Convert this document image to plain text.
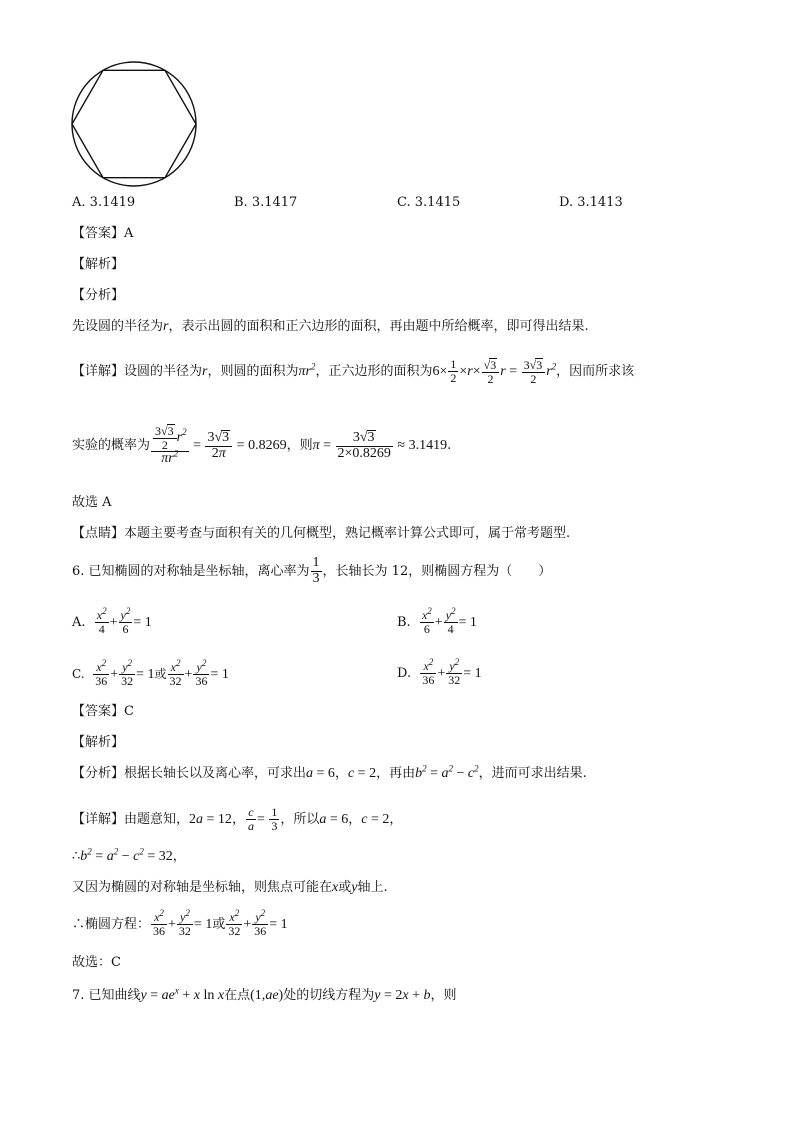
A. 3.1419	B. 3.1417	C. 3.1415	D. 3.1413
【答案】A
【解析】
【分析】
先设圆的半径为r，表示出圆的面积和正六边形的面积，再由题中所给概率，即可得出结果.
【详解】设圆的半径为r，则圆的面积为$\pi r^2$，正六边形的面积为$6\times \frac{1}{2} \times r\times \frac{√3}{2}$ $r = \frac{3√3}{2} r^2$，因而所求该
实验的概率为 $\frac{\frac{3√3}{2} r^2}{\pi r^2} = \frac{3√3}{2\pi} = 0.8269$，则$\pi = \frac{3√3}{2\times 0.8269} \approx 3.1419$.
故选 A
【点睛】本题主要考查与面积有关的几何概型，熟记概率计算公式即可，属于常考题型.
6. 已知椭圆的对称轴是坐标轴，离心率为 $\frac{1}{3}$ ，长轴长为 12，则椭圆方程为（　　）
A. $\frac{x^2}{4} + \frac{y^2}{6} = 1$	B. $\frac{x^2}{6} + \frac{y^2}{4} = 1$
C. $\frac{x^2}{36} + \frac{y^2}{32} = 1$或 $\frac{x^2}{32} + \frac{y^2}{36} = 1$	D. $\frac{x^2}{36} + \frac{y^2}{32} = 1$
【答案】C
【解析】
【分析】根据长轴长以及离心率，可求出a = 6，c = 2，再由$b^2 = a^2 - c^2$，进而可求出结果.
【详解】由题意知，2a = 12， $\frac{c}{a} = \frac{1}{3}$ ，所以a = 6，c = 2，
$\therefore b^2 = a^2 - c^2 = 32$，
又因为椭圆的对称轴是坐标轴，则焦点可能在x或y轴上.
∴椭圆方程： $\frac{x^2}{36} + \frac{y^2}{32} = 1$或 $\frac{x^2}{32} + \frac{y^2}{36} = 1$
故选：C
7. 已知曲线$y = ae^x + x$ ln x在点(1,ae)处的切线方程为y = 2x + b，则
